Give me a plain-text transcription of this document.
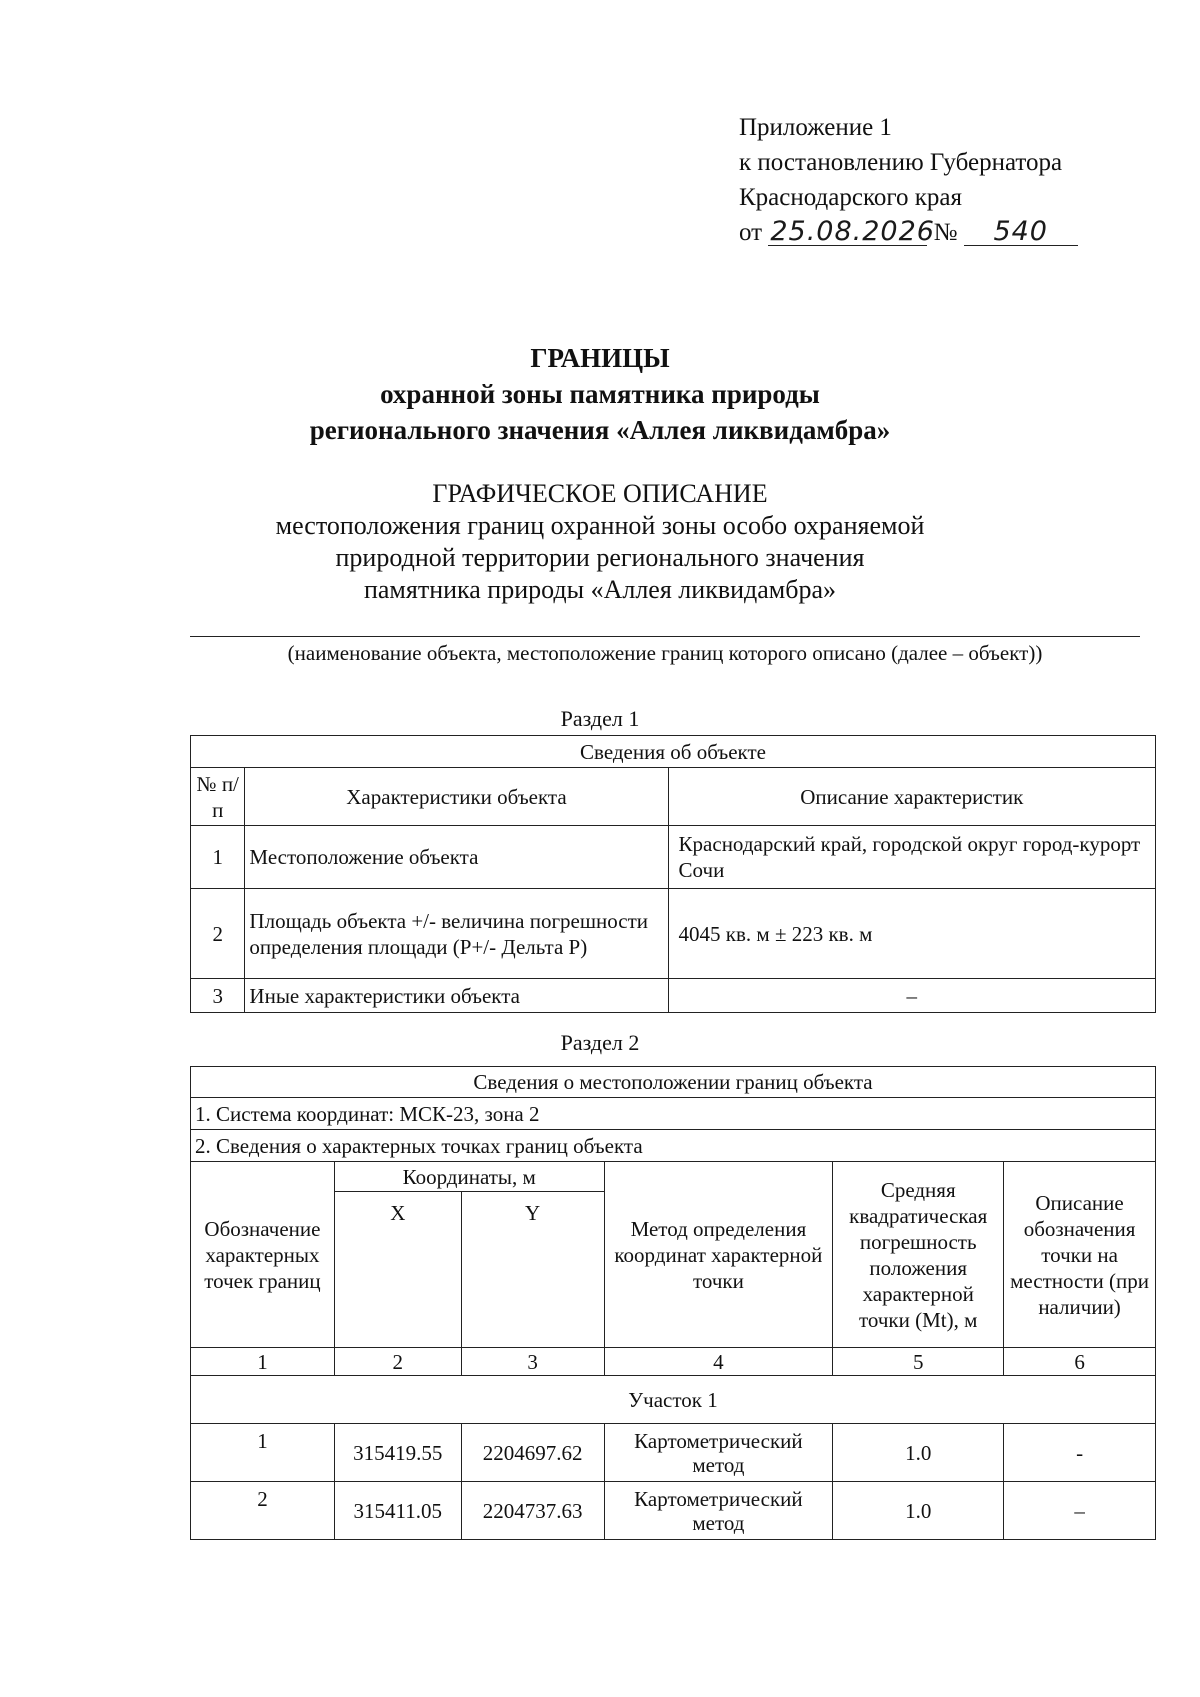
Приложение 1
к постановлению Губернатора
Краснодарского края
от 25.08.2026 № 540
ГРАНИЦЫ
охранной зоны памятника природы
регионального значения «Аллея ликвидамбра»
ГРАФИЧЕСКОЕ ОПИСАНИЕ
местоположения границ охранной зоны особо охраняемой
природной территории регионального значения
памятника природы «Аллея ликвидамбра»
(наименование объекта, местоположение границ которого описано (далее – объект))
Раздел 1
Сведения об объекте		
№ п/п	Характеристики объекта	Описание характеристик
1	Местоположение объекта	Краснодарский край, городской округ город-курорт Сочи
2	Площадь объекта +/- величина погрешности определения площади (Р+/- Дельта Р)	4045 кв. м ± 223 кв. м
3	Иные характеристики объекта	–
Раздел 2
Сведения о местоположении границ объекта					
1. Система координат: МСК-23, зона 2					
2. Сведения о характерных точках границ объекта					
Обозначение характерных точек границ	Координаты, м		Метод определения координат характерной точки	Средняя квадратическая погрешность положения характерной точки (Mt), м	Описание обозначения точки на местности (при наличии)
	X	Y			
1	2	3	4	5	6
Участок 1					
1	315419.55	2204697.62	Картометрический метод	1.0	-
2	315411.05	2204737.63	Картометрический метод	1.0	–
